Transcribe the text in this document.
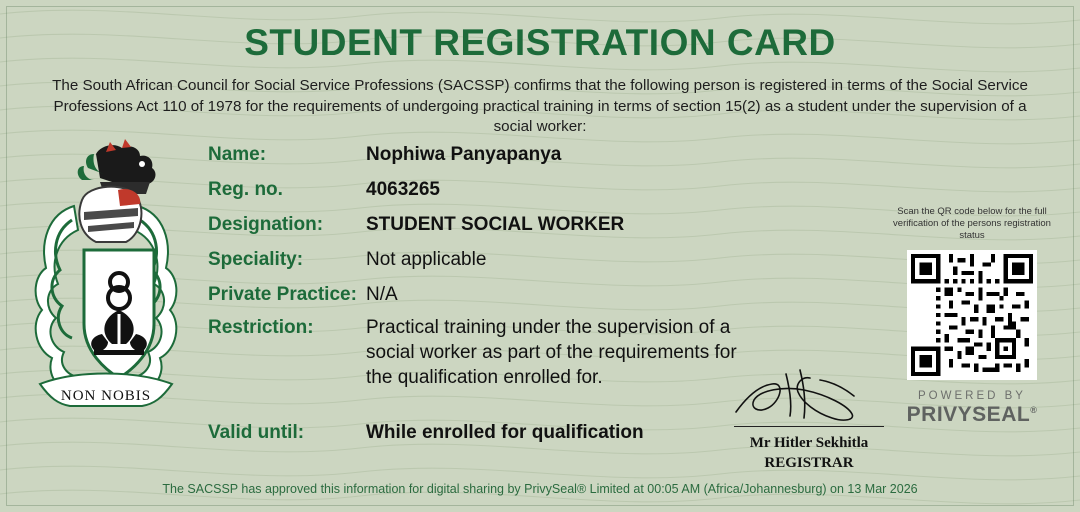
STUDENT REGISTRATION CARD

The South African Council for Social Service Professions (SACSSP) confirms that the following person is registered in terms of the Social Service Professions Act 110 of 1978 for the requirements of undergoing practical training in terms of section 15(2) as a student under the supervision of a social worker:

NON NOBIS
Name:	Nophiwa Panyapanya
Reg. no.	4063265
Designation:	STUDENT SOCIAL WORKER
Speciality:	Not applicable
Private Practice: N/A
Restriction:	Practical training under the supervision of a social worker as part of the requirements for the qualification enrolled for.
Valid until:	While enrolled for qualification
Scan the QR code below for the full verification of the persons registration status
POWERED BY
PRIVYSEAL®
Mr Hitler Sekhitla
REGISTRAR
The SACSSP has approved this information for digital sharing by PrivySeal® Limited at 00:05 AM (Africa/Johannesburg) on 13 Mar 2026
